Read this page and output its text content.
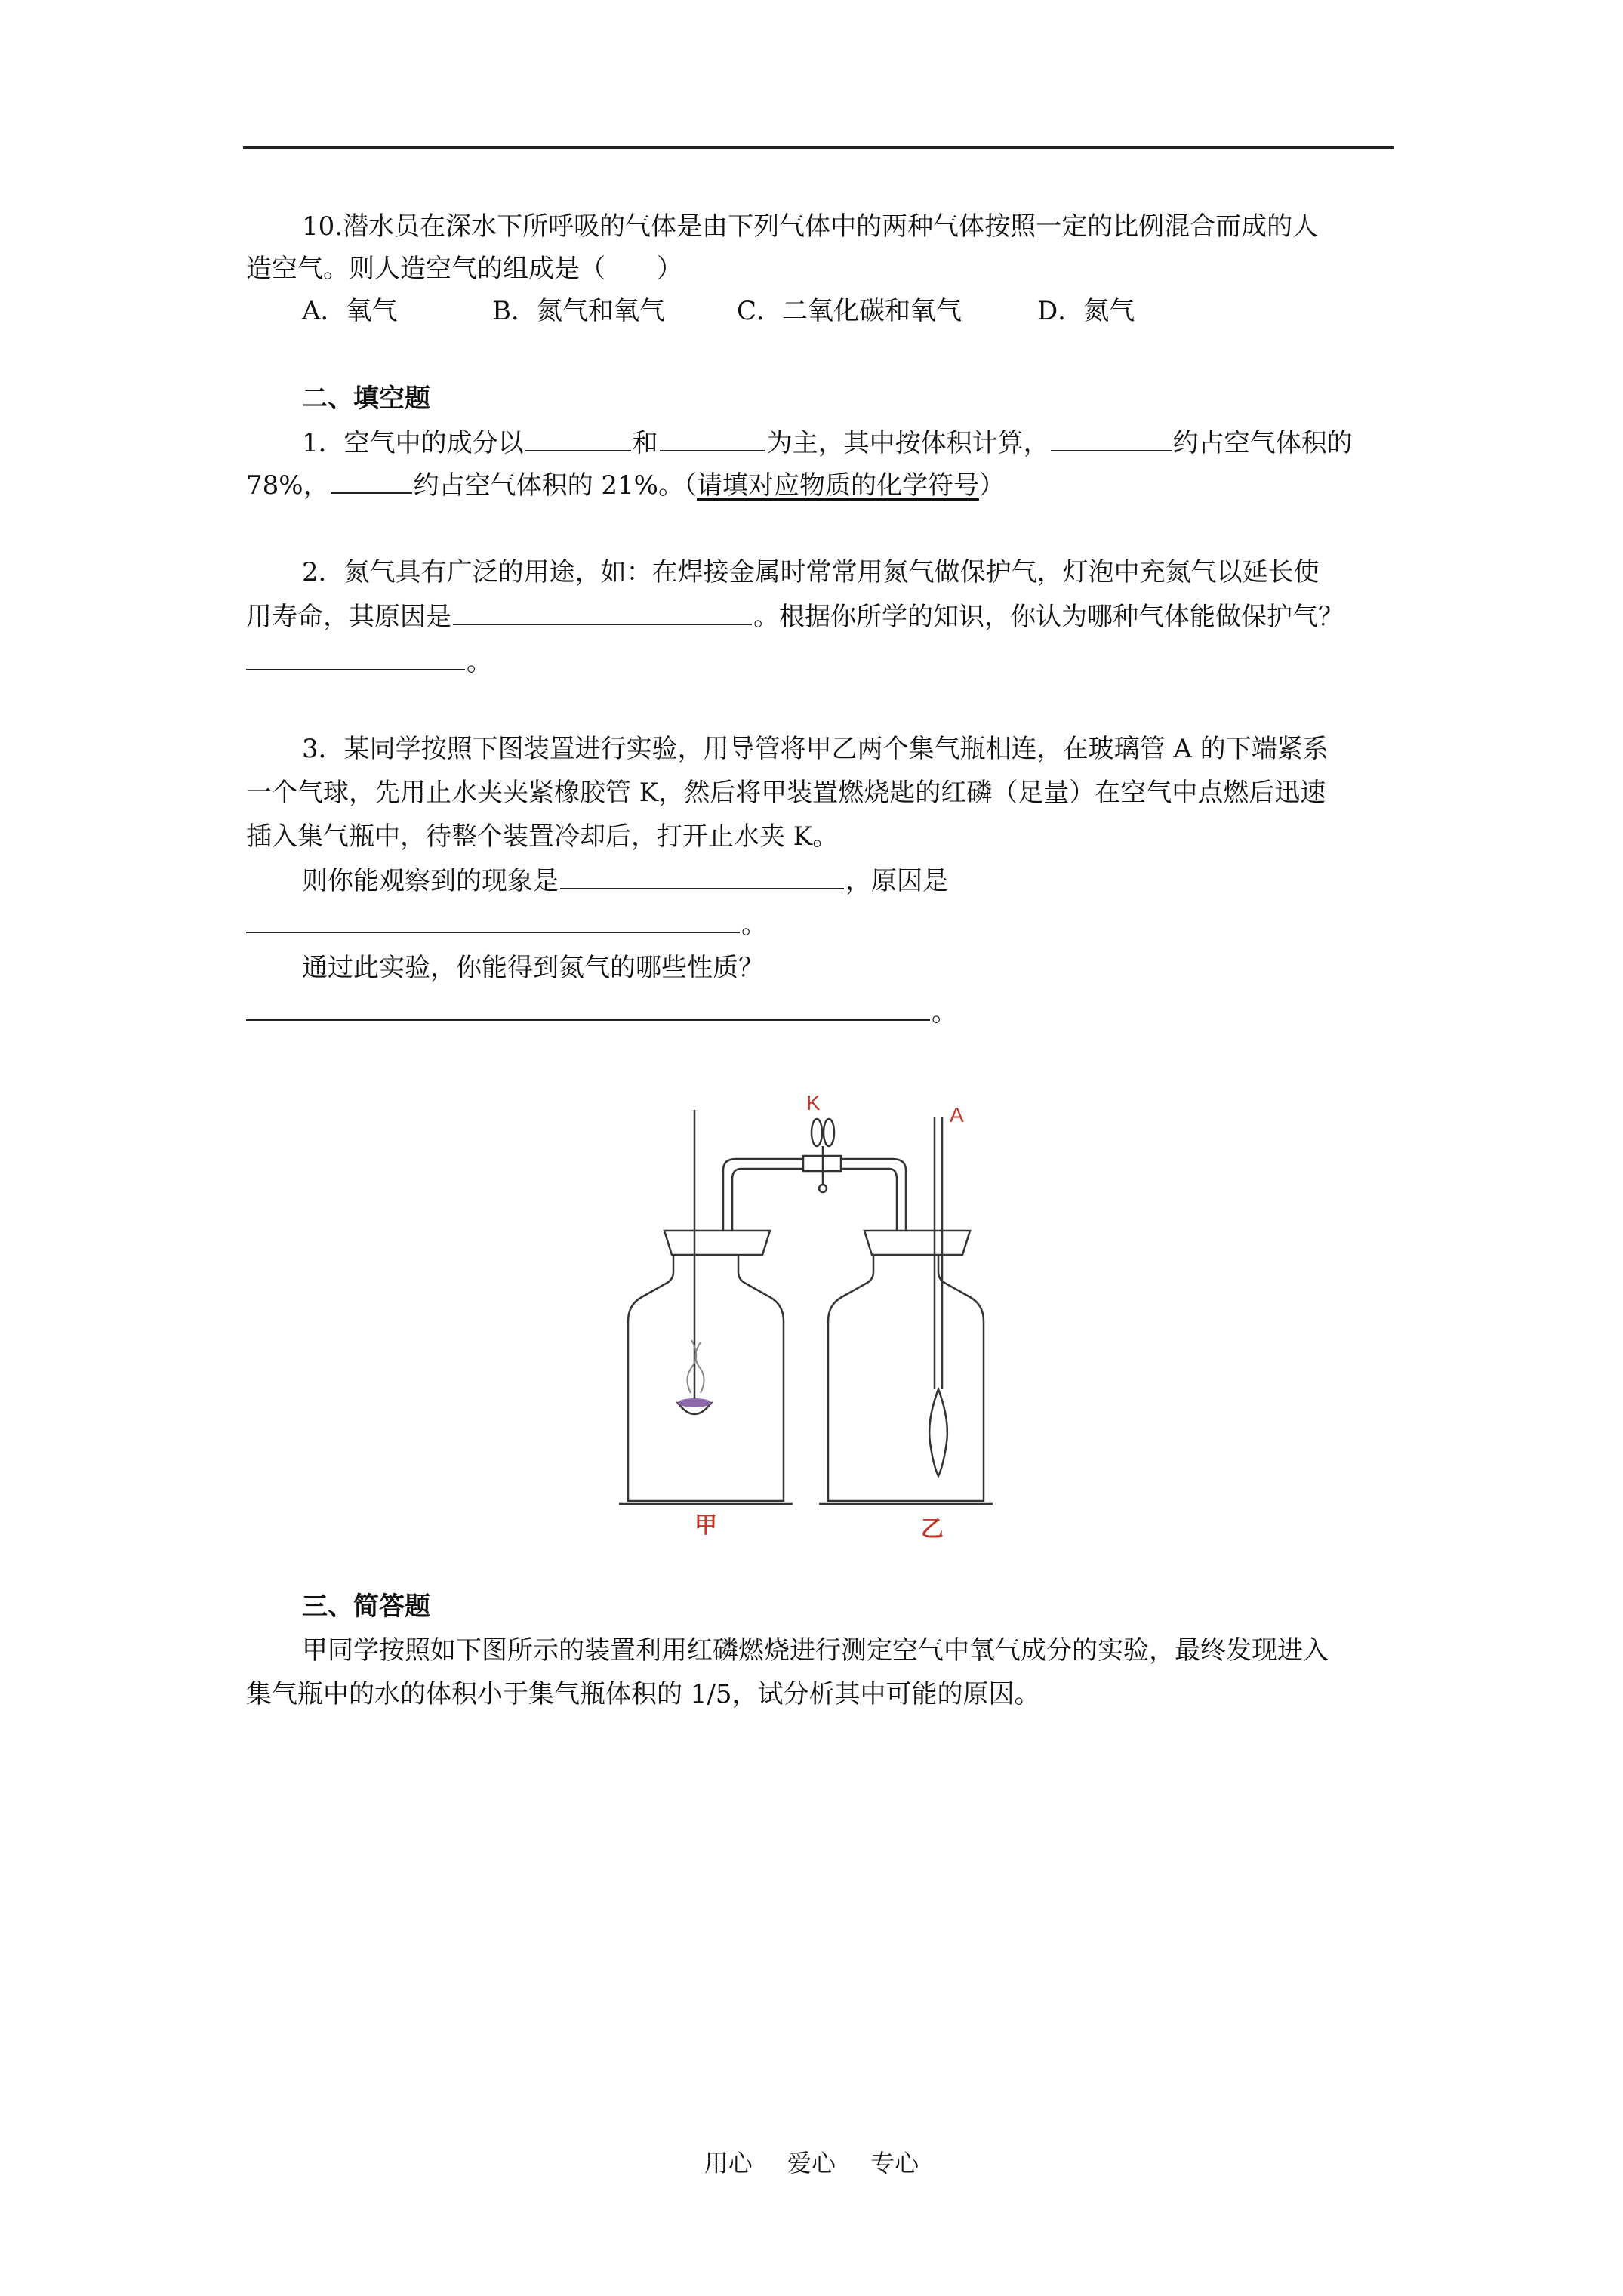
10.潜水员在深水下所呼吸的气体是由下列气体中的两种气体按照一定的比例混合而成的人
造空气。则人造空气的组成是（　　）
A．氧气	B．氮气和氧气	C．二氧化碳和氧气	D．氮气
二、填空题
1．空气中的成分以	和	为主，其中按体积计算，	约占空气体积的
78%，	约占空气体积的 21%。（请填对应物质的化学符号）
2．氮气具有广泛的用途，如：在焊接金属时常常用氮气做保护气，灯泡中充氮气以延长使
用寿命，其原因是	。根据你所学的知识，你认为哪种气体能做保护气？
。
3．某同学按照下图装置进行实验，用导管将甲乙两个集气瓶相连，在玻璃管 A 的下端紧系
一个气球，先用止水夹夹紧橡胶管 K，然后将甲装置燃烧匙的红磷（足量）在空气中点燃后迅速
插入集气瓶中，待整个装置冷却后，打开止水夹 K。
则你能观察到的现象是	，原因是
。
通过此实验，你能得到氮气的哪些性质？
。
K
A
甲	乙
三、简答题
甲同学按照如下图所示的装置利用红磷燃烧进行测定空气中氧气成分的实验，最终发现进入
集气瓶中的水的体积小于集气瓶体积的 1/5，试分析其中可能的原因。
用心 爱心 专心
